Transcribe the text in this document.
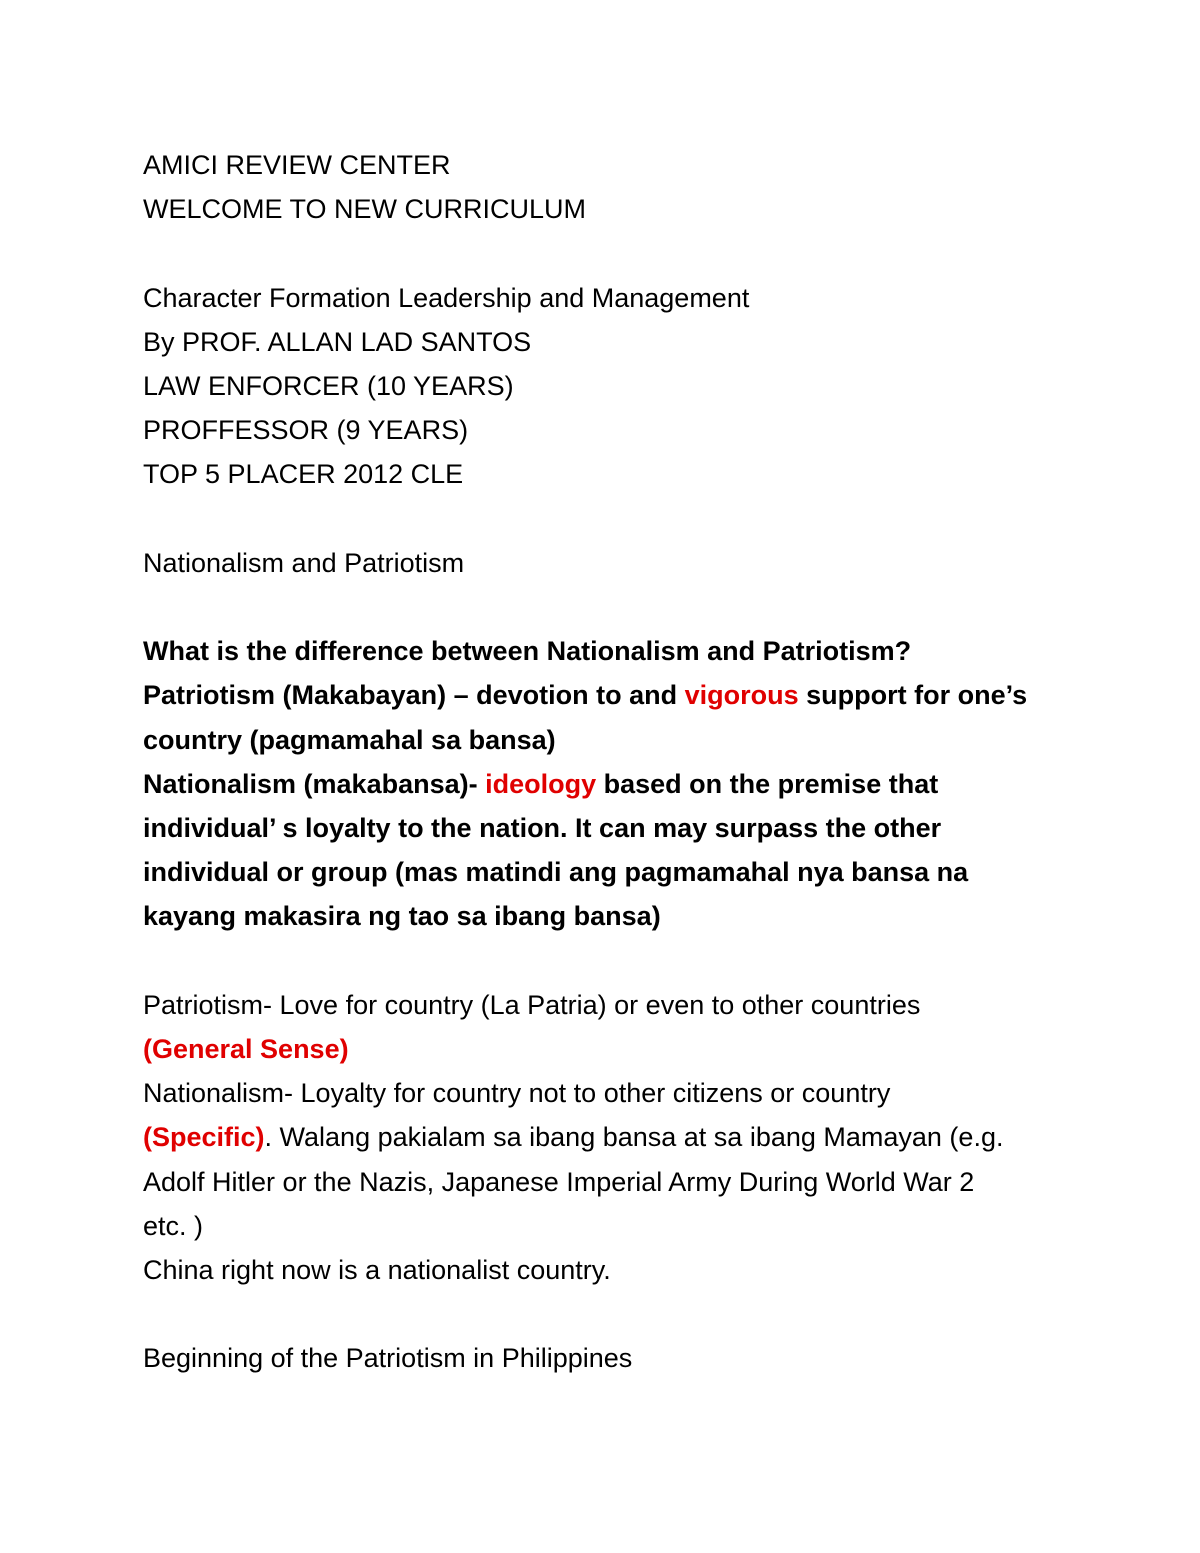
AMICI REVIEW CENTER
WELCOME TO NEW CURRICULUM
Character Formation Leadership and Management
By PROF. ALLAN LAD SANTOS
LAW ENFORCER (10 YEARS)
PROFFESSOR (9 YEARS)
TOP 5 PLACER 2012 CLE
Nationalism and Patriotism
What is the difference between Nationalism and Patriotism?
Patriotism (Makabayan) – devotion to and vigorous support for one’s
country (pagmamahal sa bansa)
Nationalism (makabansa)- ideology based on the premise that
individual’ s loyalty to the nation. It can may surpass the other
individual or group (mas matindi ang pagmamahal nya bansa na
kayang makasira ng tao sa ibang bansa)
Patriotism- Love for country (La Patria) or even to other countries
(General Sense)
Nationalism- Loyalty for country not to other citizens or country
(Specific). Walang pakialam sa ibang bansa at sa ibang Mamayan (e.g.
Adolf Hitler or the Nazis, Japanese Imperial Army During World War 2
etc. )
China right now is a nationalist country.
Beginning of the Patriotism in Philippines
